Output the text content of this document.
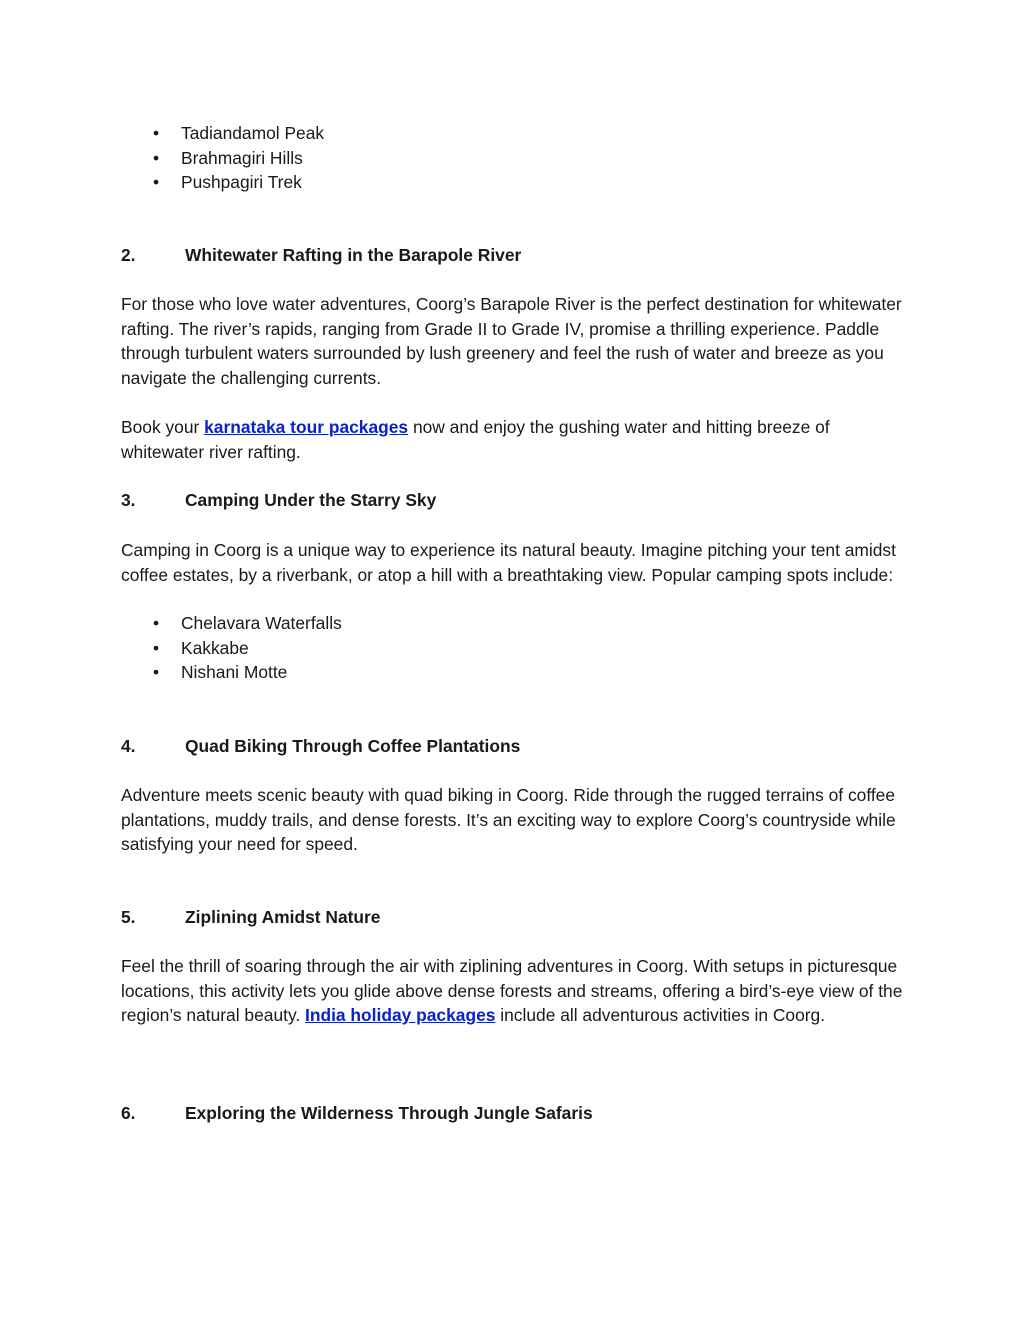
• Tadiandamol Peak
• Brahmagiri Hills
• Pushpagiri Trek
2.	Whitewater Rafting in the Barapole River

For those who love water adventures, Coorg’s Barapole River is the perfect destination for whitewater rafting. The river’s rapids, ranging from Grade II to Grade IV, promise a thrilling experience. Paddle through turbulent waters surrounded by lush greenery and feel the rush of water and breeze as you navigate the challenging currents.

Book your karnataka tour packages now and enjoy the gushing water and hitting breeze of whitewater river rafting.

3.	Camping Under the Starry Sky

Camping in Coorg is a unique way to experience its natural beauty. Imagine pitching your tent amidst coffee estates, by a riverbank, or atop a hill with a breathtaking view. Popular camping spots include:

• Chelavara Waterfalls
• Kakkabe
• Nishani Motte
4.	Quad Biking Through Coffee Plantations

Adventure meets scenic beauty with quad biking in Coorg. Ride through the rugged terrains of coffee plantations, muddy trails, and dense forests. It’s an exciting way to explore Coorg’s countryside while satisfying your need for speed.

5.	Ziplining Amidst Nature

Feel the thrill of soaring through the air with ziplining adventures in Coorg. With setups in picturesque locations, this activity lets you glide above dense forests and streams, offering a bird’s-eye view of the region’s natural beauty. India holiday packages include all adventurous activities in Coorg.

6.	Exploring the Wilderness Through Jungle Safaris
